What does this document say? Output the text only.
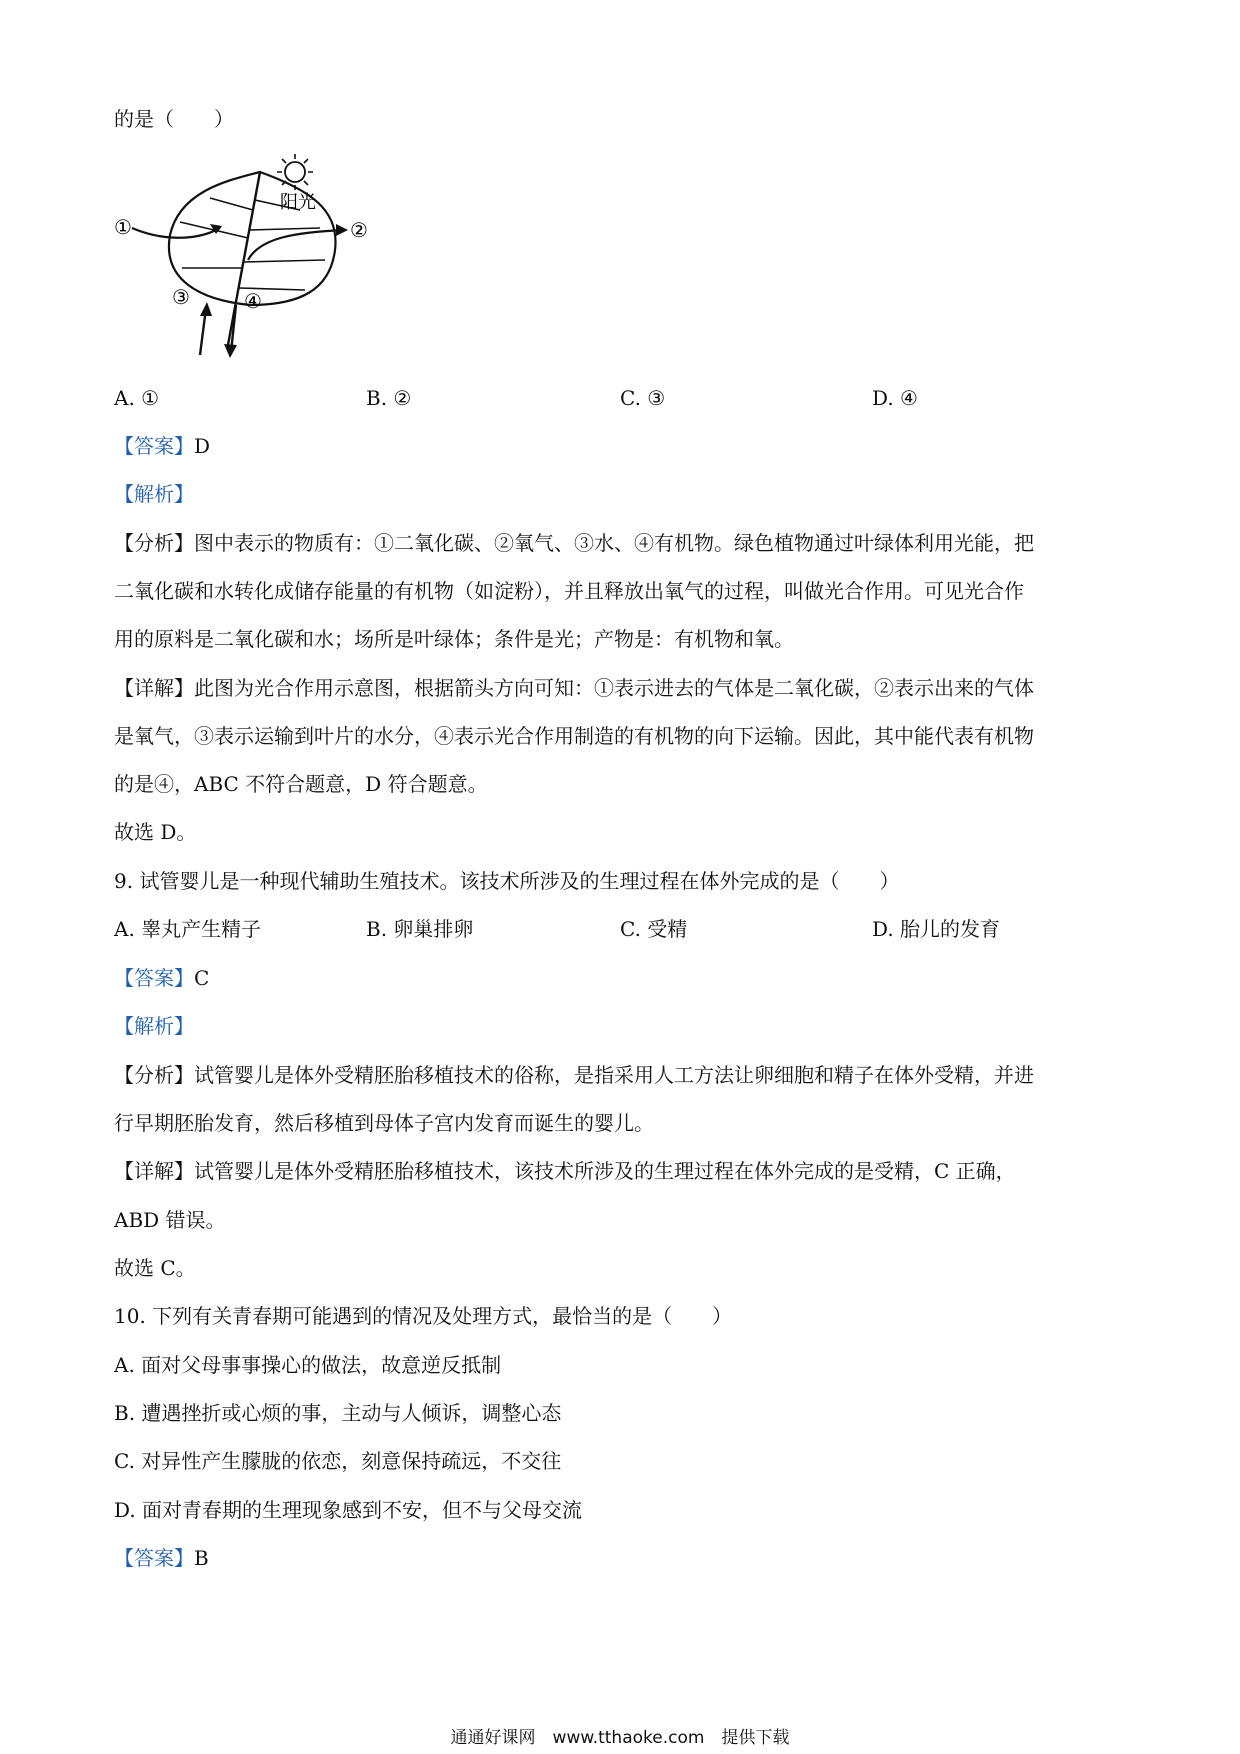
的是（　　）
①	②
③	④
阳光
A. ①	B. ②	C. ③	D. ④
【答案】D
【解析】
【分析】图中表示的物质有：①二氧化碳、②氧气、③水、④有机物。绿色植物通过叶绿体利用光能，把
二氧化碳和水转化成储存能量的有机物（如淀粉），并且释放出氧气的过程，叫做光合作用。可见光合作
用的原料是二氧化碳和水；场所是叶绿体；条件是光；产物是：有机物和氧。
【详解】此图为光合作用示意图，根据箭头方向可知：①表示进去的气体是二氧化碳，②表示出来的气体
是氧气，③表示运输到叶片的水分，④表示光合作用制造的有机物的向下运输。因此，其中能代表有机物
的是④，ABC 不符合题意，D 符合题意。
故选 D。
9. 试管婴儿是一种现代辅助生殖技术。该技术所涉及的生理过程在体外完成的是（　　）
A. 睾丸产生精子	B. 卵巢排卵	C. 受精	D. 胎儿的发育
【答案】C
【解析】
【分析】试管婴儿是体外受精胚胎移植技术的俗称，是指采用人工方法让卵细胞和精子在体外受精，并进
行早期胚胎发育，然后移植到母体子宫内发育而诞生的婴儿。
【详解】试管婴儿是体外受精胚胎移植技术，该技术所涉及的生理过程在体外完成的是受精，C 正确，
ABD 错误。
故选 C。
10. 下列有关青春期可能遇到的情况及处理方式，最恰当的是（　　）
A. 面对父母事事操心的做法，故意逆反抵制
B. 遭遇挫折或心烦的事，主动与人倾诉，调整心态
C. 对异性产生朦胧的依恋，刻意保持疏远，不交往
D. 面对青春期的生理现象感到不安，但不与父母交流
【答案】B
通通好课网　www.tthaoke.com　提供下载
